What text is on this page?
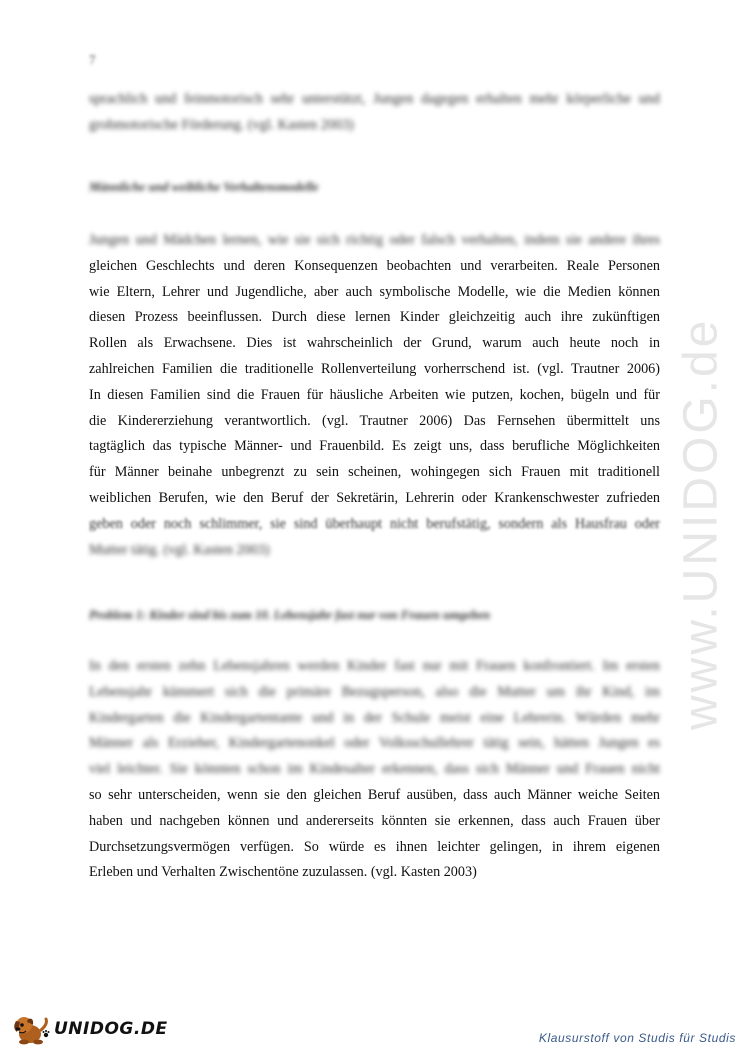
www.UNIDOG.de
7
sprachlich und feinmotorisch sehr unterstützt, Jungen dagegen erhalten mehr körperliche und
grobmotorische Förderung. (vgl. Kasten 2003)
Männliche und weibliche Verhaltensmodelle
Jungen und Mädchen lernen, wie sie sich richtig oder falsch verhalten, indem sie andere ihres
gleichen Geschlechts und deren Konsequenzen beobachten und verarbeiten. Reale Personen
wie Eltern, Lehrer und Jugendliche, aber auch symbolische Modelle, wie die Medien können
diesen Prozess beeinflussen. Durch diese lernen Kinder gleichzeitig auch ihre zukünftigen
Rollen als Erwachsene. Dies ist wahrscheinlich der Grund, warum auch heute noch in
zahlreichen Familien die traditionelle Rollenverteilung vorherrschend ist. (vgl. Trautner 2006)
In diesen Familien sind die Frauen für häusliche Arbeiten wie putzen, kochen, bügeln und für
die Kindererziehung verantwortlich. (vgl. Trautner 2006) Das Fernsehen übermittelt uns
tagtäglich das typische Männer- und Frauenbild. Es zeigt uns, dass berufliche Möglichkeiten
für Männer beinahe unbegrenzt zu sein scheinen, wohingegen sich Frauen mit traditionell
weiblichen Berufen, wie den Beruf der Sekretärin, Lehrerin oder Krankenschwester zufrieden
geben oder noch schlimmer, sie sind überhaupt nicht berufstätig, sondern als Hausfrau oder
Mutter tätig. (vgl. Kasten 2003)
Problem 1: Kinder sind bis zum 10. Lebensjahr fast nur von Frauen umgeben
In den ersten zehn Lebensjahren werden Kinder fast nur mit Frauen konfrontiert. Im ersten
Lebensjahr kümmert sich die primäre Bezugsperson, also die Mutter um ihr Kind, im
Kindergarten die Kindergartentante und in der Schule meist eine Lehrerin. Würden mehr
Männer als Erzieher, Kindergartenonkel oder Volksschullehrer tätig sein, hätten Jungen es
viel leichter. Sie könnten schon im Kindesalter erkennen, dass sich Männer und Frauen nicht
so sehr unterscheiden, wenn sie den gleichen Beruf ausüben, dass auch Männer weiche Seiten
haben und nachgeben können und andererseits könnten sie erkennen, dass auch Frauen über
Durchsetzungsvermögen verfügen. So würde es ihnen leichter gelingen, in ihrem eigenen
Erleben und Verhalten Zwischentöne zuzulassen. (vgl. Kasten 2003)
UNIDOG.DE	Klausurstoff von Studis für Studis
